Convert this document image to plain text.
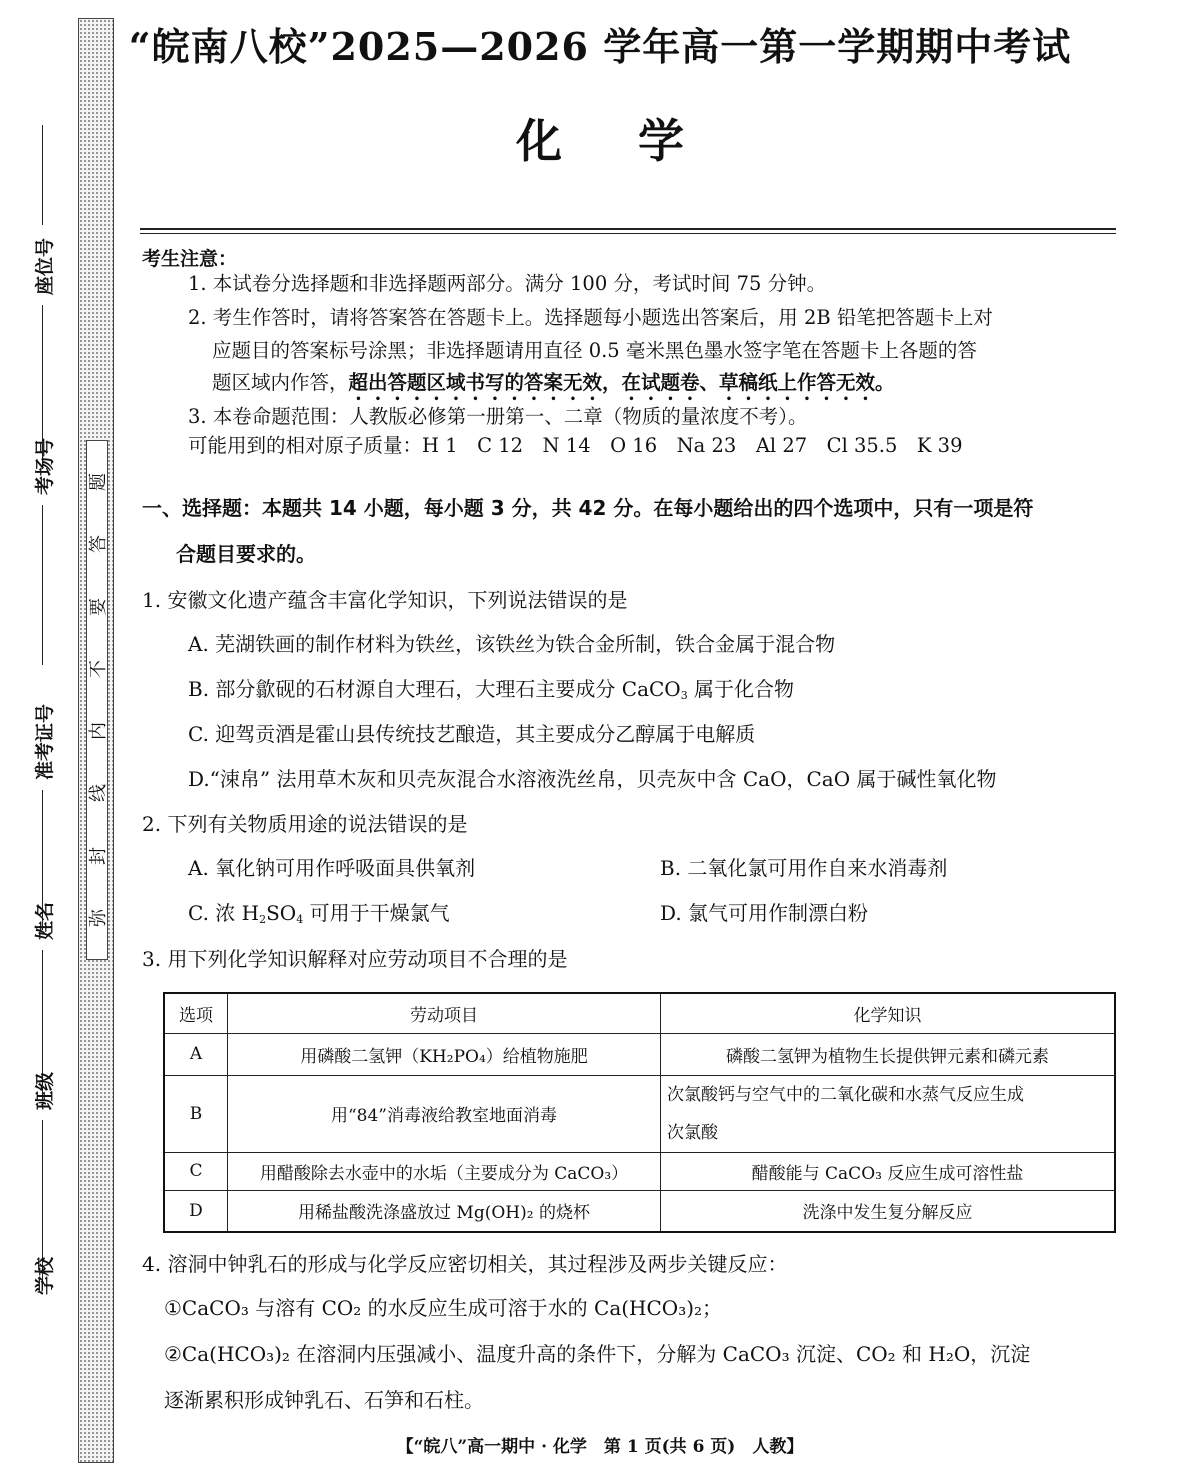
题
答
要
不
内
线
封
弥
座位号
考场号
准考证号
姓名
班级
学校
“皖南八校”2025—2026 学年高一第一学期期中考试
化 学
考生注意：
1. 本试卷分选择题和非选择题两部分。满分 100 分，考试时间 75 分钟。
2. 考生作答时，请将答案答在答题卡上。选择题每小题选出答案后，用 2B 铅笔把答题卡上对
应题目的答案标号涂黑；非选择题请用直径 0.5 毫米黑色墨水签字笔在答题卡上各题的答
题区域内作答，超出答题区域书写的答案无效，在试题卷、草稿纸上作答无效。
3. 本卷命题范围：人教版必修第一册第一、二章（物质的量浓度不考）。
可能用到的相对原子质量：H 1　C 12　N 14　O 16　Na 23　Al 27　Cl 35.5　K 39
一、选择题：本题共 14 小题，每小题 3 分，共 42 分。在每小题给出的四个选项中，只有一项是符
合题目要求的。
1. 安徽文化遗产蕴含丰富化学知识，下列说法错误的是
A. 芜湖铁画的制作材料为铁丝，该铁丝为铁合金所制，铁合金属于混合物
B. 部分歙砚的石材源自大理石，大理石主要成分 CaCO$_3$ 属于化合物
C. 迎驾贡酒是霍山县传统技艺酿造，其主要成分乙醇属于电解质
D.“涑帛” 法用草木灰和贝壳灰混合水溶液洗丝帛，贝壳灰中含 CaO，CaO 属于碱性氧化物
2. 下列有关物质用途的说法错误的是
A. 氧化钠可用作呼吸面具供氧剂	B. 二氧化氯可用作自来水消毒剂
C. 浓 $H_2SO_4$ 可用于干燥氯气	D. 氯气可用作制漂白粉
3. 用下列化学知识解释对应劳动项目不合理的是
选项	劳动项目	化学知识
A	用磷酸二氢钾（KH₂PO₄）给植物施肥	磷酸二氢钾为植物生长提供钾元素和磷元素
B	用“84”消毒液给教室地面消毒	次氯酸钙与空气中的二氧化碳和水蒸气反应生成
次氯酸

C	用醋酸除去水壶中的水垢（主要成分为 CaCO₃）	醋酸能与 CaCO₃ 反应生成可溶性盐
D	用稀盐酸洗涤盛放过 Mg(OH)₂ 的烧杯	洗涤中发生复分解反应
4. 溶洞中钟乳石的形成与化学反应密切相关，其过程涉及两步关键反应：
①CaCO₃ 与溶有 CO₂ 的水反应生成可溶于水的 Ca(HCO₃)₂；
②Ca(HCO₃)₂ 在溶洞内压强减小、温度升高的条件下，分解为 CaCO₃ 沉淀、CO₂ 和 H₂O，沉淀
逐渐累积形成钟乳石、石笋和石柱。
【“皖八”高一期中 · 化学　第 1 页(共 6 页)　人教】
